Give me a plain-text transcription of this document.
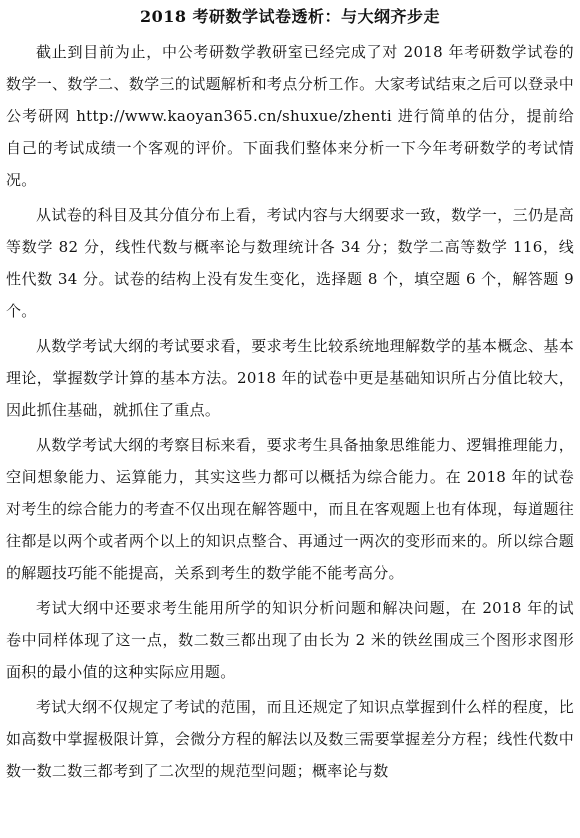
2018 考研数学试卷透析：与大纲齐步走

截止到目前为止，中公考研数学教研室已经完成了对 2018 年考研数学试卷的数学一、数学二、数学三的试题解析和考点分析工作。大家考试结束之后可以登录中公考研网 http://www.kaoyan365.cn/shuxue/zhenti 进行简单的估分，提前给自己的考试成绩一个客观的评价。下面我们整体来分析一下今年考研数学的考试情况。

从试卷的科目及其分值分布上看，考试内容与大纲要求一致，数学一，三仍是高等数学 82 分，线性代数与概率论与数理统计各 34 分；数学二高等数学 116，线性代数 34 分。试卷的结构上没有发生变化，选择题 8 个，填空题 6 个，解答题 9 个。

从数学考试大纲的考试要求看，要求考生比较系统地理解数学的基本概念、基本理论，掌握数学计算的基本方法。2018 年的试卷中更是基础知识所占分值比较大，因此抓住基础，就抓住了重点。

从数学考试大纲的考察目标来看，要求考生具备抽象思维能力、逻辑推理能力，空间想象能力、运算能力，其实这些力都可以概括为综合能力。在 2018 年的试卷对考生的综合能力的考查不仅出现在解答题中，而且在客观题上也有体现，每道题往往都是以两个或者两个以上的知识点整合、再通过一两次的变形而来的。所以综合题的解题技巧能不能提高，关系到考生的数学能不能考高分。

考试大纲中还要求考生能用所学的知识分析问题和解决问题，在 2018 年的试卷中同样体现了这一点，数二数三都出现了由长为 2 米的铁丝围成三个图形求图形面积的最小值的这种实际应用题。

考试大纲不仅规定了考试的范围，而且还规定了知识点掌握到什么样的程度，比如高数中掌握极限计算，会微分方程的解法以及数三需要掌握差分方程；线性代数中数一数二数三都考到了二次型的规范型问题；概率论与数
